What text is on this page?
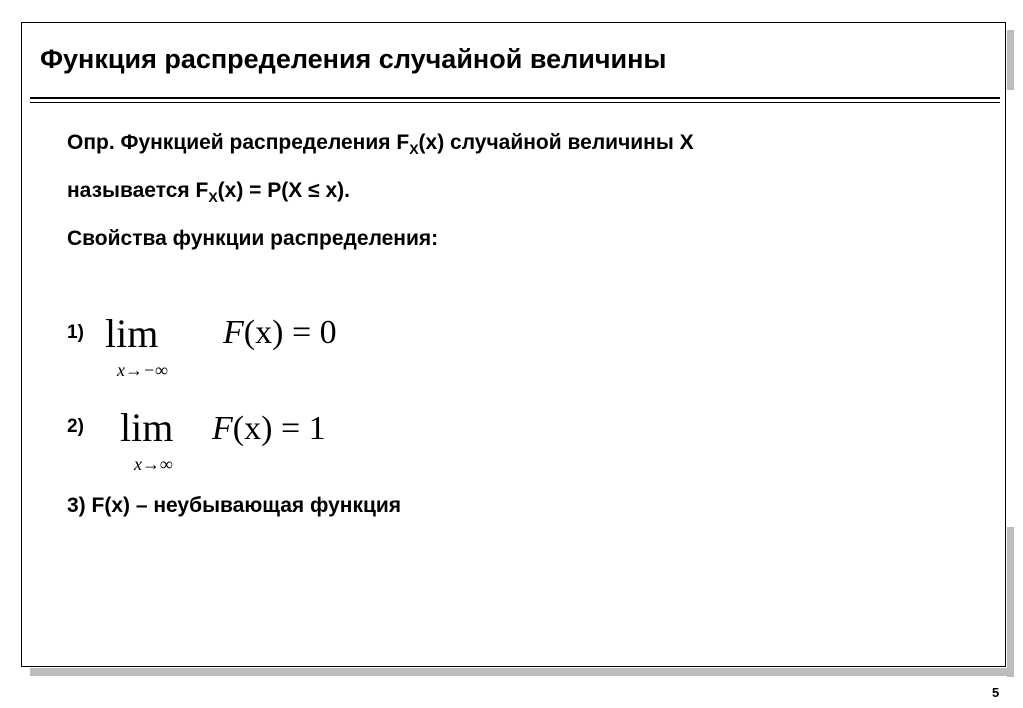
Функция распределения случайной величины
Опр. Функцией распределения $F_X(x)$ случайной величины X
называется $F_X(x) = P(X \le x)$.
Свойства функции распределения:
1) lim F(x) = 0
x→−∞
2) lim F(x) = 1
x→∞
3) F(x) – неубывающая функция
5
